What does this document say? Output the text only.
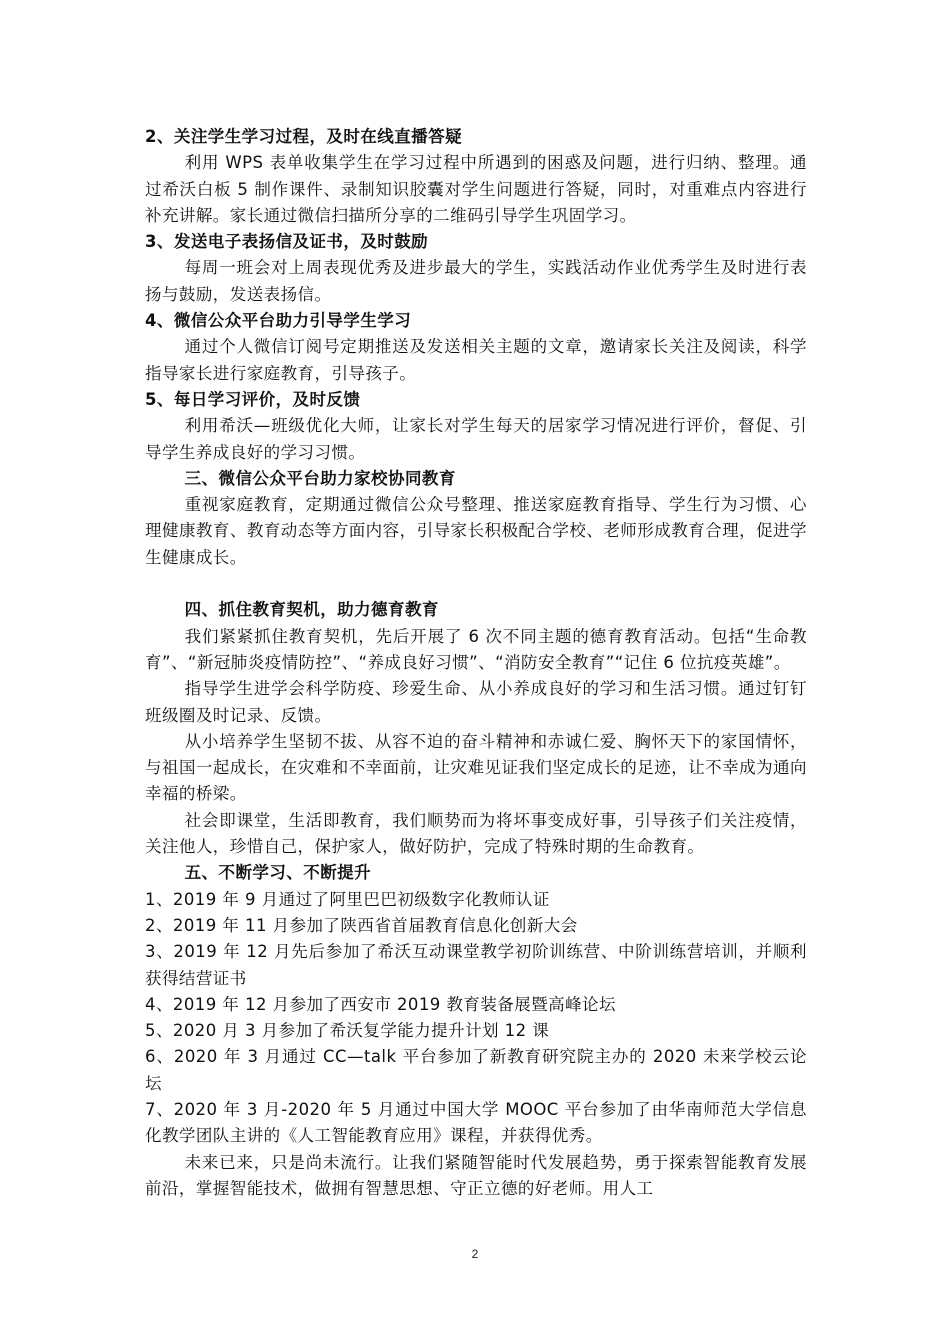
2、关注学生学习过程，及时在线直播答疑

利用 WPS 表单收集学生在学习过程中所遇到的困惑及问题，进行归纳、整理。通过希沃白板 5 制作课件、录制知识胶囊对学生问题进行答疑，同时，对重难点内容进行补充讲解。家长通过微信扫描所分享的二维码引导学生巩固学习。

3、发送电子表扬信及证书，及时鼓励

每周一班会对上周表现优秀及进步最大的学生，实践活动作业优秀学生及时进行表扬与鼓励，发送表扬信。

4、微信公众平台助力引导学生学习

通过个人微信订阅号定期推送及发送相关主题的文章，邀请家长关注及阅读，科学指导家长进行家庭教育，引导孩子。

5、每日学习评价，及时反馈

利用希沃—班级优化大师，让家长对学生每天的居家学习情况进行评价，督促、引导学生养成良好的学习习惯。

三、微信公众平台助力家校协同教育

重视家庭教育，定期通过微信公众号整理、推送家庭教育指导、学生行为习惯、心理健康教育、教育动态等方面内容，引导家长积极配合学校、老师形成教育合理，促进学生健康成长。

四、抓住教育契机，助力德育教育

我们紧紧抓住教育契机，先后开展了 6 次不同主题的德育教育活动。包括“生命教育”、“新冠肺炎疫情防控”、“养成良好习惯”、“消防安全教育”“记住 6 位抗疫英雄”。

指导学生进学会科学防疫、珍爱生命、从小养成良好的学习和生活习惯。通过钉钉班级圈及时记录、反馈。

从小培养学生坚韧不拔、从容不迫的奋斗精神和赤诚仁爱、胸怀天下的家国情怀，与祖国一起成长，在灾难和不幸面前，让灾难见证我们坚定成长的足迹，让不幸成为通向幸福的桥梁。

社会即课堂，生活即教育，我们顺势而为将坏事变成好事，引导孩子们关注疫情，关注他人，珍惜自己，保护家人，做好防护，完成了特殊时期的生命教育。

五、不断学习、不断提升

1、2019 年 9 月通过了阿里巴巴初级数字化教师认证

2、2019 年 11 月参加了陕西省首届教育信息化创新大会

3、2019 年 12 月先后参加了希沃互动课堂教学初阶训练营、中阶训练营培训，并顺利获得结营证书

4、2019 年 12 月参加了西安市 2019 教育装备展暨高峰论坛

5、2020 月 3 月参加了希沃复学能力提升计划 12 课

6、2020 年 3 月通过 CC—talk 平台参加了新教育研究院主办的 2020 未来学校云论坛

7、2020 年 3 月-2020 年 5 月通过中国大学 MOOC 平台参加了由华南师范大学信息化教学团队主讲的《人工智能教育应用》课程，并获得优秀。

未来已来，只是尚未流行。让我们紧随智能时代发展趋势，勇于探索智能教育发展前沿，掌握智能技术，做拥有智慧思想、守正立德的好老师。用人工

2
